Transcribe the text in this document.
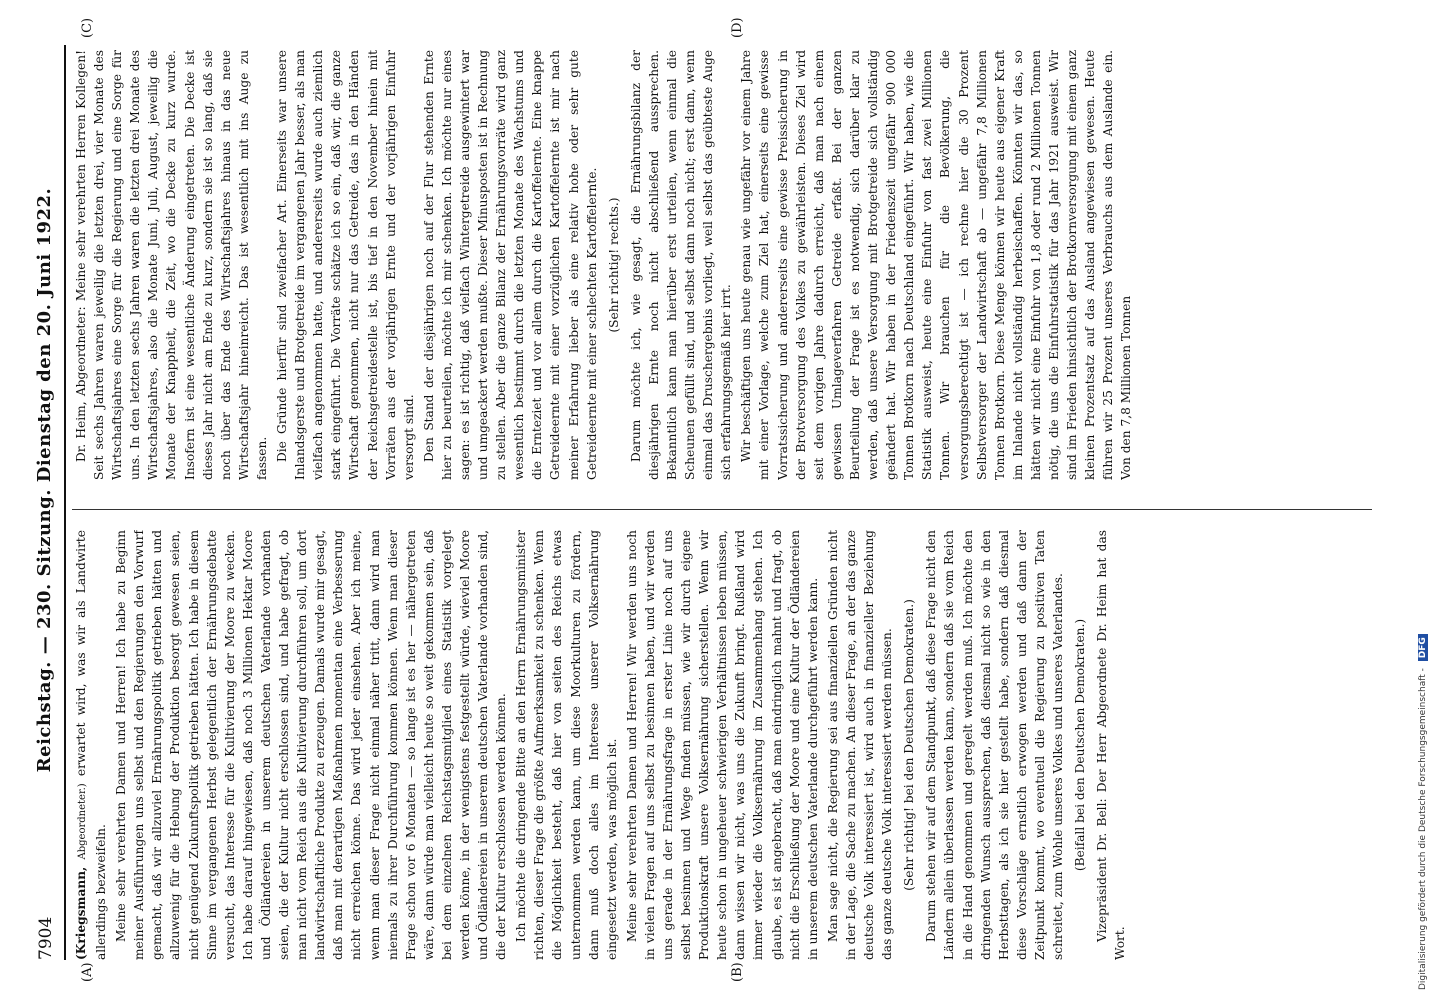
7904
Reichstag. — 230. Sitzung. Dienstag den 20. Juni 1922.
(A)	(B)
(C)	(D)

(Kriegsmann, Abgeordneter.) erwartet wird, was wir als Landwirte allerdings bezweifeln. Meine sehr verehrten Damen und Herren! Ich habe zu Beginn meiner Ausführungen uns selbst und den Regierungen den Vorwurf gemacht, daß wir allzuviel Ernährungspolitik getrieben hätten und allzuwenig für die Hebung der Produktion besorgt gewesen seien, nicht genügend Zukunftspolitik getrieben hätten. Ich habe in diesem Sinne im vergangenen Herbst gelegentlich der Ernährungsdebatte versucht, das Interesse für die Kultivierung der Moore zu wecken. Ich habe darauf hingewiesen, daß noch 3 Millionen Hektar Moore und Ödländereien in unserem deutschen Vaterlande vorhanden seien, die der Kultur nicht erschlossen sind, und habe gefragt, ob man nicht vom Reich aus die Kultivierung durchführen soll, um dort landwirtschaftliche Produkte zu erzeugen. Damals wurde mir gesagt, daß man mit derartigen Maßnahmen momentan eine Verbesserung nicht erreichen könne. Das wird jeder einsehen. Aber ich meine, wenn man dieser Frage nicht einmal näher tritt, dann wird man niemals zu ihrer Durchführung kommen können. Wenn man dieser Frage schon vor 6 Monaten — so lange ist es her — nähergetreten wäre, dann würde man vielleicht heute so weit gekommen sein, daß bei dem einzelnen Reichstagsmitglied eines Statistik vorgelegt werden könne, in der wenigstens festgestellt würde, wieviel Moore und Ödländereien in unserem deutschen Vaterlande vorhanden sind, die der Kultur erschlossen werden können. Ich möchte die dringende Bitte an den Herrn Ernährungsminister richten, dieser Frage die größte Aufmerksamkeit zu schenken. Wenn die Möglichkeit besteht, daß hier von seiten des Reichs etwas unternommen werden kann, um diese Moorkulturen zu fördern, dann muß doch alles im Interesse unserer Volksernährung eingesetzt werden, was möglich ist. Meine sehr verehrten Damen und Herren! Wir werden uns noch in vielen Fragen auf uns selbst zu besinnen haben, und wir werden uns gerade in der Ernährungsfrage in erster Linie noch auf uns selbst besinnen und Wege finden müssen, wie wir durch eigene Produktionskraft unsere Volksernährung sicherstellen. Wenn wir heute schon in ungeheuer schwierigen Verhältnissen leben müssen, dann wissen wir nicht, was uns die Zukunft bringt. Rußland wird immer wieder die Volksernährung im Zusammenhang stehen. Ich glaube, es ist angebracht, daß man eindringlich mahnt und fragt, ob nicht die Erschließung der Moore und eine Kultur der Ödländereien in unserem deutschen Vaterlande durchgeführt werden kann. Man sage nicht, die Regierung sei aus finanziellen Gründen nicht in der Lage, die Sache zu machen. An dieser Frage, an der das ganze deutsche Volk interessiert ist, wird auch in finanzieller Beziehung das ganze deutsche Volk interessiert werden müssen. (Sehr richtig! bei den Deutschen Demokraten.) Darum stehen wir auf dem Standpunkt, daß diese Frage nicht den Ländern allein überlassen werden kann, sondern daß sie vom Reich in die Hand genommen und geregelt werden muß. Ich möchte den dringenden Wunsch aussprechen, daß diesmal nicht so wie in den Herbsttagen, als ich sie hier gestellt habe, sondern daß diesmal diese Vorschläge ernstlich erwogen werden und daß dann der Zeitpunkt kommt, wo eventuell die Regierung zu positiven Taten schreitet, zum Wohle unseres Volkes und unseres Vaterlandes. (Beifall bei den Deutschen Demokraten.) Vizepräsident Dr. Bell: Der Herr Abgeordnete Dr. Heim hat das Wort.

Dr. Heim, Abgeordneter: Meine sehr verehrten Herren Kollegen! Seit sechs Jahren waren jeweilig die letzten drei, vier Monate des Wirtschaftsjahres eine Sorge für die Regierung und eine Sorge für uns. In den letzten sechs Jahren waren die letzten drei Monate des Wirtschaftsjahres, also die Monate Juni, Juli, August, jeweilig die Monate der Knappheit, die Zeit, wo die Decke zu kurz wurde. Insofern ist eine wesentliche Änderung eingetreten. Die Decke ist dieses Jahr nicht am Ende zu kurz, sondern sie ist so lang, daß sie noch über das Ende des Wirtschaftsjahres hinaus in das neue Wirtschaftsjahr hineinreicht. Das ist wesentlich mit ins Auge zu fassen. Die Gründe hierfür sind zweifacher Art. Einerseits war unsere Inlandsgerste und Brotgetreide im vergangenen Jahr besser, als man vielfach angenommen hatte, und andererseits wurde auch ziemlich stark eingeführt. Die Vorräte schätze ich so ein, daß wir, die ganze Wirtschaft genommen, nicht nur das Getreide, das in den Händen der Reichsgetreidestelle ist, bis tief in den November hinein mit Vorräten aus der vorjährigen Ernte und der vorjährigen Einfuhr versorgt sind. Den Stand der diesjährigen noch auf der Flur stehenden Ernte hier zu beurteilen, möchte ich mir schenken. Ich möchte nur eines sagen: es ist richtig, daß vielfach Wintergetreide ausgewintert war und umgeackert werden mußte. Dieser Minusposten ist in Rechnung zu stellen. Aber die ganze Bilanz der Ernährungsvorräte wird ganz wesentlich bestimmt durch die letzten Monate des Wachstums und die Ernteziet und vor allem durch die Kartoffelernte. Eine knappe Getreideernte mit einer vorzüglichen Kartoffelernte ist mir nach meiner Erfahrung lieber als eine relativ hohe oder sehr gute Getreideernte mit einer schlechten Kartoffelernte. (Sehr richtig! rechts.) Darum möchte ich, wie gesagt, die Ernährungsbilanz der diesjährigen Ernte noch nicht abschließend aussprechen. Bekanntlich kann man hierüber erst urteilen, wenn einmal die Scheunen gefüllt sind, und selbst dann noch nicht; erst dann, wenn einmal das Druschergebnis vorliegt, weil selbst das geübteste Auge sich erfahrungsgemäß hier irrt. Wir beschäftigen uns heute genau wie ungefähr vor einem Jahre mit einer Vorlage, welche zum Ziel hat, einerseits eine gewisse Vorratssicherung und andererseits eine gewisse Preissicherung in der Brotversorgung des Volkes zu gewährleisten. Dieses Ziel wird seit dem vorigen Jahre dadurch erreicht, daß man nach einem gewissen Umlageverfahren Getreide erfaßt. Bei der ganzen Beurteilung der Frage ist es notwendig, sich darüber klar zu werden, daß unsere Versorgung mit Brotgetreide sich vollständig geändert hat. Wir haben in der Friedenszeit ungefähr 900 000 Tonnen Brotkorn nach Deutschland eingeführt. Wir haben, wie die Statistik ausweist, heute eine Einfuhr von fast zwei Millionen Tonnen. Wir brauchen für die Bevölkerung, die versorgungsberechtigt ist — ich rechne hier die 30 Prozent Selbstversorger der Landwirtschaft ab — ungefähr 7,8 Millionen Tonnen Brotkorn. Diese Menge können wir heute aus eigener Kraft im Inlande nicht vollständig herbeischaffen. Könnten wir das, so hätten wir nicht eine Einfuhr von 1,8 oder rund 2 Millionen Tonnen nötig, die uns die Einfuhrstatistik für das Jahr 1921 ausweist. Wir sind im Frieden hinsichtlich der Brotkornversorgung mit einem ganz kleinen Prozentsatz auf das Ausland angewiesen gewesen. Heute führen wir 25 Prozent unseres Verbrauchs aus dem Auslande ein. Von den 7,8 Millionen Tonnen

Digitalisierung gefördert durch die Deutsche Forschungsgemeinschaft - DFG
